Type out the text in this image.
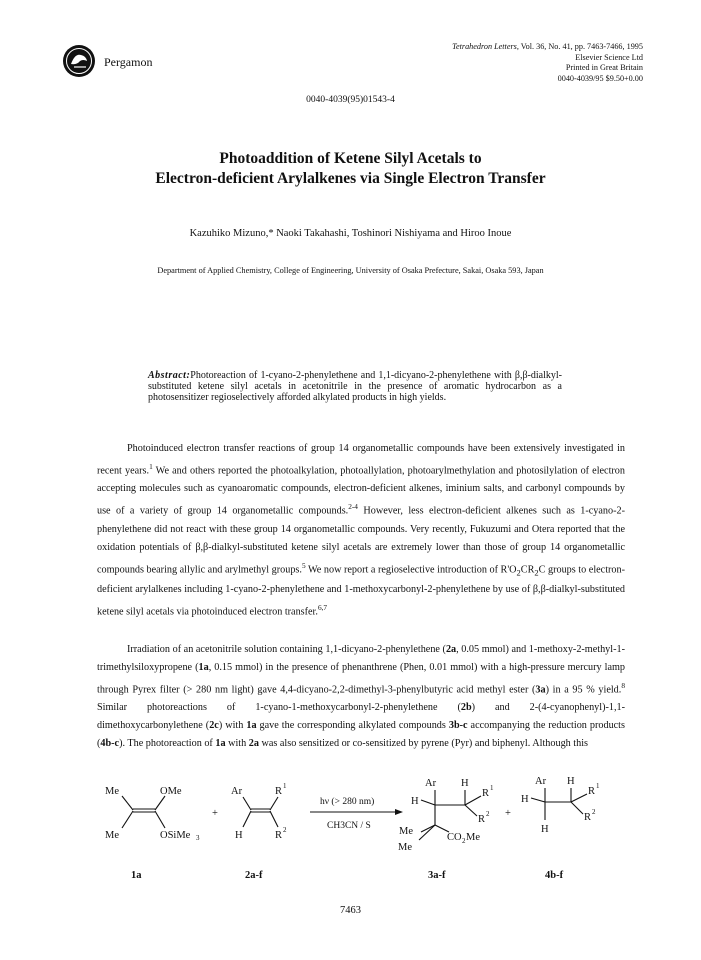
Pergamon
Tetrahedron Letters, Vol. 36, No. 41, pp. 7463-7466, 1995
Elsevier Science Ltd
Printed in Great Britain
0040-4039/95 $9.50+0.00
0040-4039(95)01543-4
Photoaddition of Ketene Silyl Acetals to
Electron-deficient Arylalkenes via Single Electron Transfer
Kazuhiko Mizuno,* Naoki Takahashi, Toshinori Nishiyama and Hiroo Inoue
Department of Applied Chemistry, College of Engineering, University of Osaka Prefecture, Sakai, Osaka 593, Japan
Abstract:Photoreaction of 1-cyano-2-phenylethene and 1,1-dicyano-2-phenylethene with β,β-dialkyl-substituted ketene silyl acetals in acetonitrile in the presence of aromatic hydrocarbon as a photosensitizer regioselectively afforded alkylated products in high yields.
Photoinduced electron transfer reactions of group 14 organometallic compounds have been extensively investigated in recent years.$^1$ We and others reported the photoalkylation, photoallylation, photoarylmethylation and photosilylation of electron accepting molecules such as cyanoaromatic compounds, electron-deficient alkenes, iminium salts, and carbonyl compounds by use of a variety of group 14 organometallic compounds.$^{2-4}$ However, less electron-deficient alkenes such as 1-cyano-2-phenylethene did not react with these group 14 organometallic compounds. Very recently, Fukuzumi and Otera reported that the oxidation potentials of β,β-dialkyl-substituted ketene silyl acetals are extremely lower than those of group 14 organometallic compounds bearing allylic and arylmethyl groups.$^5$ We now report a regioselective introduction of $R'O_2CR_2C$ groups to electron-deficient arylalkenes including 1-cyano-2-phenylethene and 1-methoxycarbonyl-2-phenylethene by use of β,β-dialkyl-substituted ketene silyl acetals via photoinduced electron transfer.$^{6,7}$
Irradiation of an acetonitrile solution containing 1,1-dicyano-2-phenylethene (2a, 0.05 mmol) and 1-methoxy-2-methyl-1-trimethylsiloxypropene (1a, 0.15 mmol) in the presence of phenanthrene (Phen, 0.01 mmol) with a high-pressure mercury lamp through Pyrex filter (> 280 nm light) gave 4,4-dicyano-2,2-dimethyl-3-phenylbutyric acid methyl ester (3a) in a 95 % yield.$^8$ Similar photoreactions of 1-cyano-1-methoxycarbonyl-2-phenylethene (2b) and 2-(4-cyanophenyl)-1,1-dimethoxycarbonylethene (2c) with 1a gave the corresponding alkylated compounds 3b-c accompanying the reduction products (4b-c). The photoreaction of 1a with 2a was also sensitized or co-sensitized by pyrene (Pyr) and biphenyl. Although this
Me
Me
OMe
OSiMe 3
1a
+
Ar
H
R 1
R 2
2a-f
hν (> 280 nm)
CH3CN / S
Ar H
H
R 1
R 2
Me
Me
CO 2 Me
3a-f
+
Ar H
H
H
R 1
R 2
4b-f
7463
